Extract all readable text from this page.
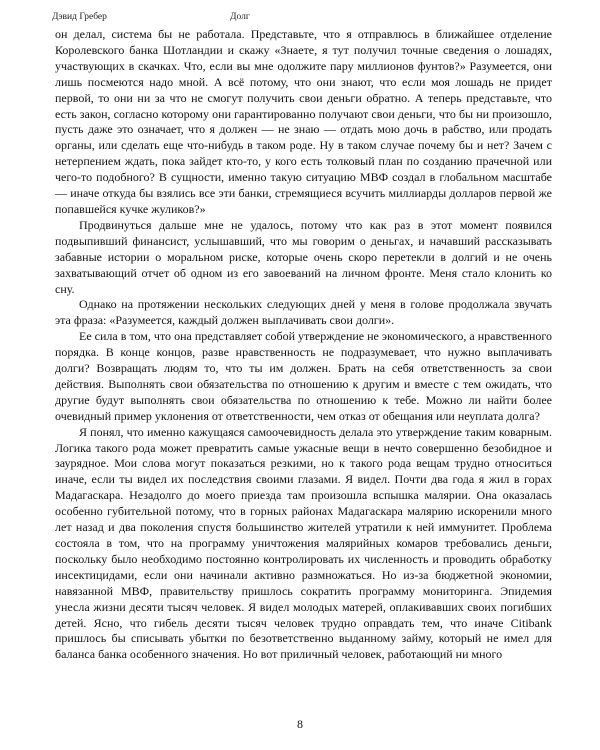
Дэвид Гребер	Долг

он делал, система бы не работала. Представьте, что я отправлюсь в ближайшее отделение Королевского банка Шотландии и скажу «Знаете, я тут получил точные сведения о лошадях, участвующих в скачках. Что, если вы мне одолжите пару миллионов фунтов?» Разумеется, они лишь посмеются надо мной. А всё потому, что они знают, что если моя лошадь не придет первой, то они ни за что не смогут получить свои деньги обратно. А теперь представьте, что есть закон, согласно которому они гарантированно получают свои деньги, что бы ни произошло, пусть даже это означает, что я должен — не знаю — отдать мою дочь в рабство, или продать органы, или сделать еще что-нибудь в таком роде. Ну в таком случае почему бы и нет? Зачем с нетерпением ждать, пока зайдет кто-то, у кого есть толковый план по созданию прачечной или чего-то подобного? В сущности, именно такую ситуацию МВФ создал в глобальном масштабе — иначе откуда бы взялись все эти банки, стремящиеся всучить миллиарды долларов первой же попавшейся кучке жуликов?»

Продвинуться дальше мне не удалось, потому что как раз в этот момент появился подвыпивший финансист, услышавший, что мы говорим о деньгах, и начавший рассказывать забавные истории о моральном риске, которые очень скоро перетекли в долгий и не очень захватывающий отчет об одном из его завоеваний на личном фронте. Меня стало клонить ко сну.

Однако на протяжении нескольких следующих дней у меня в голове продолжала звучать эта фраза: «Разумеется, каждый должен выплачивать свои долги».

Ее сила в том, что она представляет собой утверждение не экономического, а нравственного порядка. В конце концов, разве нравственность не подразумевает, что нужно выплачивать долги? Возвращать людям то, что ты им должен. Брать на себя ответственность за свои действия. Выполнять свои обязательства по отношению к другим и вместе с тем ожидать, что другие будут выполнять свои обязательства по отношению к тебе. Можно ли найти более очевидный пример уклонения от ответственности, чем отказ от обещания или неуплата долга?

Я понял, что именно кажущаяся самоочевидность делала это утверждение таким коварным. Логика такого рода может превратить самые ужасные вещи в нечто совершенно безобидное и заурядное. Мои слова могут показаться резкими, но к такого рода вещам трудно относиться иначе, если ты видел их последствия своими глазами. Я видел. Почти два года я жил в горах Мадагаскара. Незадолго до моего приезда там произошла вспышка малярии. Она оказалась особенно губительной потому, что в горных районах Мадагаскара малярию искоренили много лет назад и два поколения спустя большинство жителей утратили к ней иммунитет. Проблема состояла в том, что на программу уничтожения малярийных комаров требовались деньги, поскольку было необходимо постоянно контролировать их численность и проводить обработку инсектицидами, если они начинали активно размножаться. Но из-за бюджетной экономии, навязанной МВФ, правительству пришлось сократить программу мониторинга. Эпидемия унесла жизни десяти тысяч человек. Я видел молодых матерей, оплакивавших своих погибших детей. Ясно, что гибель десяти тысяч человек трудно оправдать тем, что иначе Citibank пришлось бы списывать убытки по безответственно выданному займу, который не имел для баланса банка особенного значения. Но вот приличный человек, работающий ни много

8
